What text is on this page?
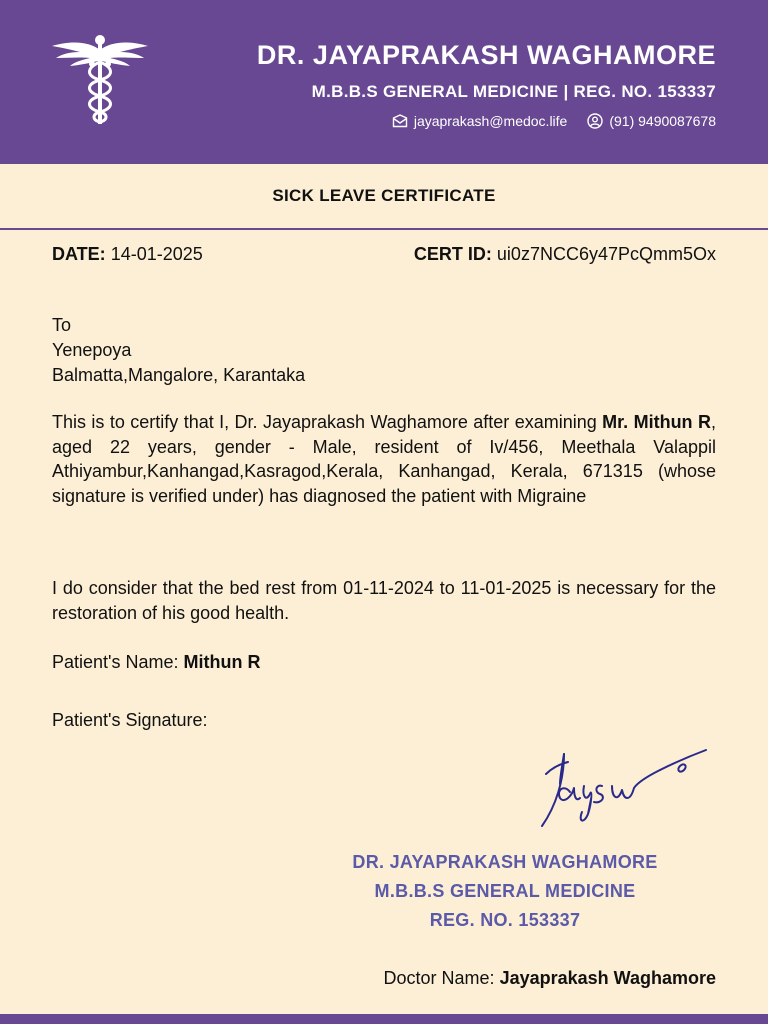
DR. JAYAPRAKASH WAGHAMORE
M.B.B.S GENERAL MEDICINE | REG. NO. 153337
jayaprakash@medoc.life	(91) 9490087678
SICK LEAVE CERTIFICATE
DATE: 14-01-2025	CERT ID: ui0z7NCC6y47PcQmm5Ox
To
Yenepoya
Balmatta,Mangalore, Karantaka
This is to certify that I, Dr. Jayaprakash Waghamore after examining Mr. Mithun R, aged 22 years, gender - Male, resident of Iv/456, Meethala Valappil Athiyambur,Kanhangad,Kasragod,Kerala, Kanhangad, Kerala, 671315 (whose signature is verified under) has diagnosed the patient with Migraine
I do consider that the bed rest from 01-11-2024 to 11-01-2025 is necessary for the restoration of his good health.
Patient's Name: Mithun R
Patient's Signature:
DR. JAYAPRAKASH WAGHAMORE
M.B.B.S GENERAL MEDICINE
REG. NO. 153337
Doctor Name: Jayaprakash Waghamore
